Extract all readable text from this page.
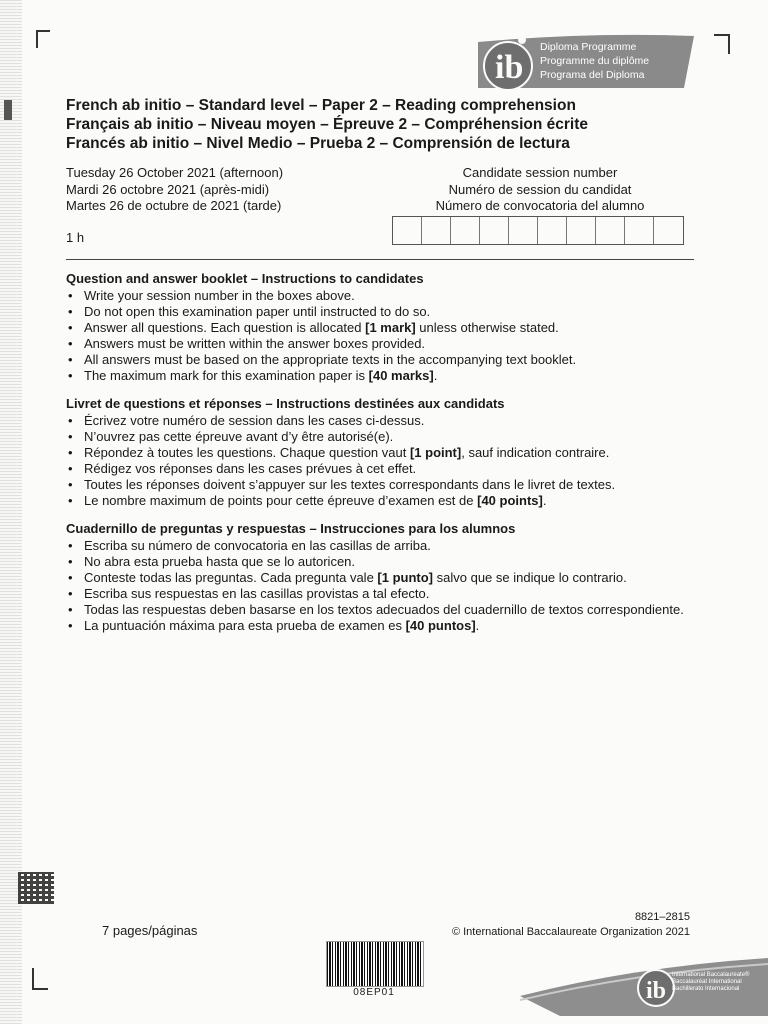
ib
Diploma Programme
Programme du diplôme
Programa del Diploma
French ab initio – Standard level – Paper 2 – Reading comprehension
Français ab initio – Niveau moyen – Épreuve 2 – Compréhension écrite
Francés ab initio – Nivel Medio – Prueba 2 – Comprensión de lectura
Tuesday 26 October 2021 (afternoon)
Mardi 26 octobre 2021 (après-midi)
Martes 26 de octubre de 2021 (tarde)
1 h
Candidate session number
Numéro de session du candidat
Número de convocatoria del alumno
Question and answer booklet – Instructions to candidates
• Write your session number in the boxes above.
• Do not open this examination paper until instructed to do so.
• Answer all questions. Each question is allocated [1 mark] unless otherwise stated.
• Answers must be written within the answer boxes provided.
• All answers must be based on the appropriate texts in the accompanying text booklet.
• The maximum mark for this examination paper is [40 marks].
Livret de questions et réponses – Instructions destinées aux candidats
• Écrivez votre numéro de session dans les cases ci-dessus.
• N’ouvrez pas cette épreuve avant d’y être autorisé(e).
• Répondez à toutes les questions. Chaque question vaut [1 point], sauf indication contraire.
• Rédigez vos réponses dans les cases prévues à cet effet.
• Toutes les réponses doivent s’appuyer sur les textes correspondants dans le livret de textes.
• Le nombre maximum de points pour cette épreuve d’examen est de [40 points].
Cuadernillo de preguntas y respuestas – Instrucciones para los alumnos
• Escriba su número de convocatoria en las casillas de arriba.
• No abra esta prueba hasta que se lo autoricen.
• Conteste todas las preguntas. Cada pregunta vale [1 punto] salvo que se indique lo contrario.
• Escriba sus respuestas en las casillas provistas a tal efecto.
• Todas las respuestas deben basarse en los textos adecuados del cuadernillo de textos correspondiente.
• La puntuación máxima para esta prueba de examen es [40 puntos].
7 pages/páginas
8821–2815
© International Baccalaureate Organization 2021
08EP01	ib
International Baccalaureate®
Baccalauréat International
Bachillerato Internacional
